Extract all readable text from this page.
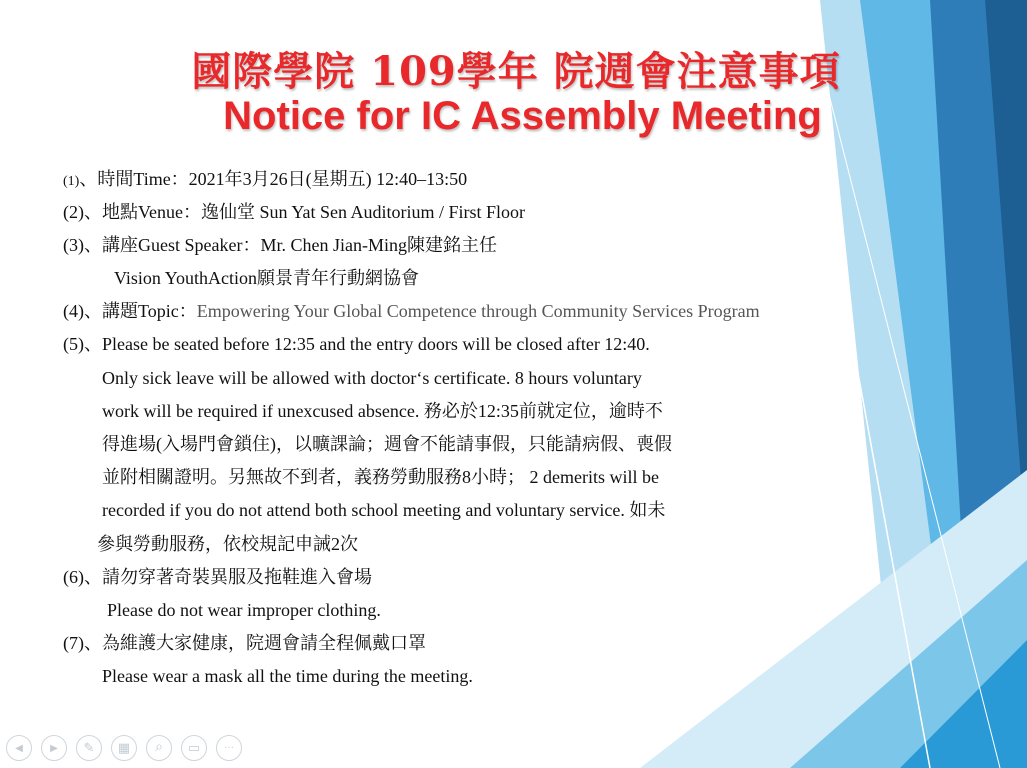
國際學院 109學年 院週會注意事項
Notice for IC Assembly Meeting
(1)、時間Time：2021年3月26日(星期五) 12:40–13:50
(2)、地點Venue：逸仙堂 Sun Yat Sen Auditorium / First Floor
(3)、講座Guest Speaker：Mr. Chen Jian-Ming陳建銘主任
Vision YouthAction願景青年行動網協會
(4)、講題Topic：Empowering Your Global Competence through Community Services Program
(5)、Please be seated before 12:35 and the entry doors will be closed after 12:40.
Only sick leave will be allowed with doctor‘s certificate. 8 hours voluntary
work will be required if unexcused absence. 務必於12:35前就定位，逾時不
得進場(入場門會鎖住)，以曠課論；週會不能請事假，只能請病假、喪假
並附相關證明。另無故不到者，義務勞動服務8小時； 2 demerits will be
recorded if you do not attend both school meeting and voluntary service. 如未
參與勞動服務，依校規記申誡2次
(6)、請勿穿著奇裝異服及拖鞋進入會場
Please do not wear improper clothing.
(7)、為維護大家健康，院週會請全程佩戴口罩
Please wear a mask all the time during the meeting.
◀	▶ ✎ ▦ ⌕ ▭ ···
